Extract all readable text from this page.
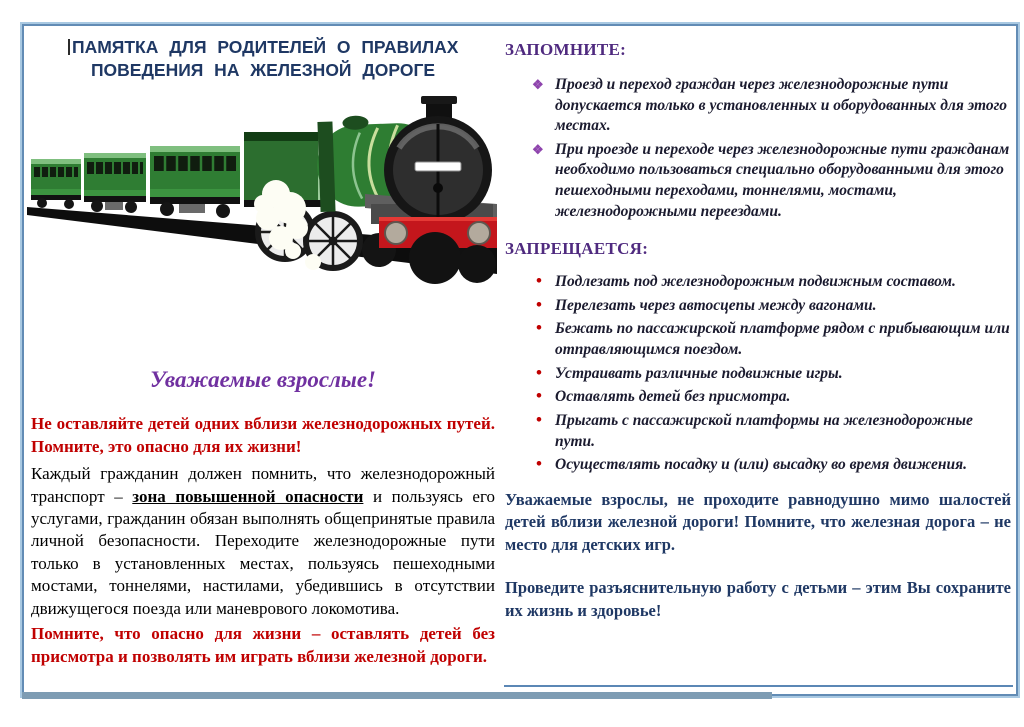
ПАМЯТКА ДЛЯ РОДИТЕЛЕЙ О ПРАВИЛАХ ПОВЕДЕНИЯ НА ЖЕЛЕЗНОЙ ДОРОГЕ
Уважаемые взрослые!

Не оставляйте детей одних вблизи железнодорожных путей. Помните, это опасно для их жизни!

Каждый гражданин должен помнить, что железнодорожный транспорт – зона повышенной опасности и пользуясь его услугами, гражданин обязан выполнять общепринятые правила личной безопасности. Переходите железнодорожные пути только в установленных местах, пользуясь пешеходными мостами, тоннелями, настилами, убедившись в отсутствии движущегося поезда или маневрового локомотива.

Помните, что опасно для жизни – оставлять детей без присмотра и позволять им играть вблизи железной дороги.

ЗАПОМНИТЕ:
❖ Проезд и переход граждан через железнодорожные пути допускается только в установленных и оборудованных для этого местах.
❖ При проезде и переходе через железнодорожные пути гражданам необходимо пользоваться специально оборудованными для этого пешеходными переходами, тоннелями, мостами, железнодорожными переездами.
ЗАПРЕЩАЕТСЯ:
• Подлезать под железнодорожным подвижным составом.
• Перелезать через автосцепы между вагонами.
• Бежать по пассажирской платформе рядом с прибывающим или отправляющимся поездом.
• Устраивать различные подвижные игры.
• Оставлять детей без присмотра.
• Прыгать с пассажирской платформы на железнодорожные пути.
• Осуществлять посадку и (или) высадку во время движения.

Уважаемые взрослы, не проходите равнодушно мимо шалостей детей вблизи железной дороги! Помните, что железная дорога – не место для детских игр.

Проведите разъяснительную работу с детьми – этим Вы сохраните их жизнь и здоровье!
